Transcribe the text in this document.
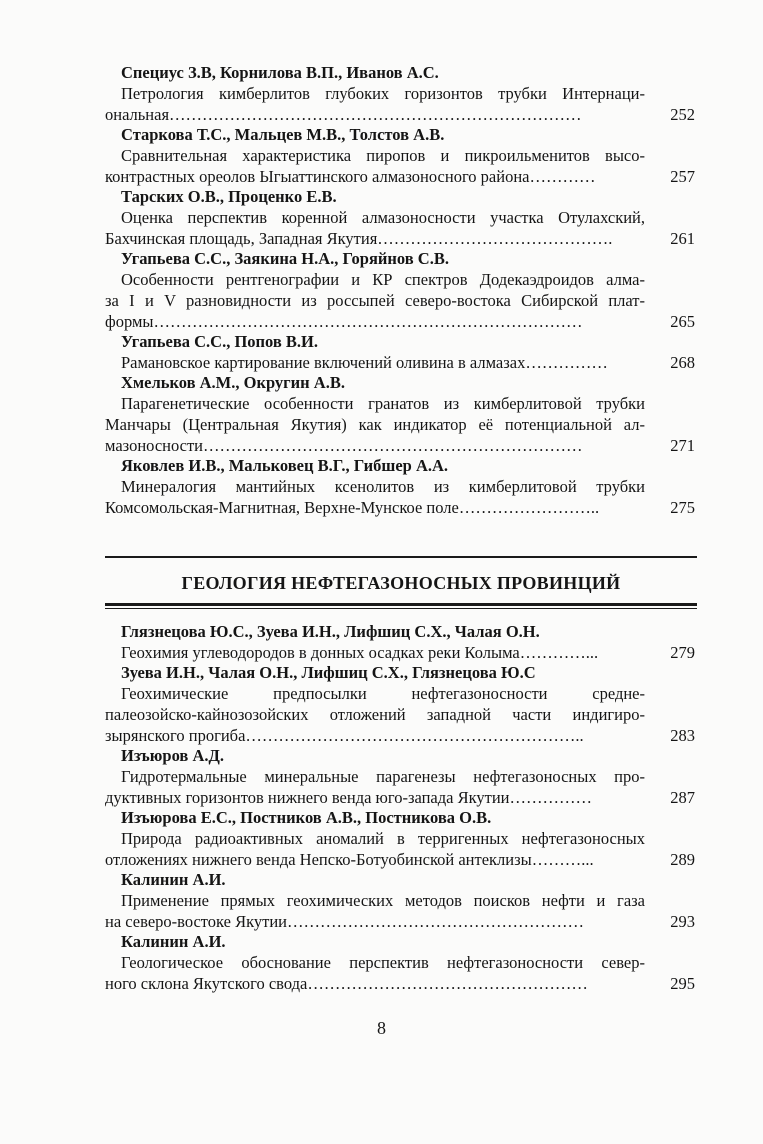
Специус З.В, Корнилова В.П., Иванов А.С.
Петрология кимберлитов глубоких горизонтов трубки Интернаци-
ональная…………………………………………………………………	252
Старкова Т.С., Мальцев М.В., Толстов А.В.
Сравнительная характеристика пиропов и пикроильменитов высо-
контрастных ореолов Ыгыаттинского алмазоносного района…………	257
Тарских О.В., Проценко Е.В.
Оценка перспектив коренной алмазоносности участка Отулахский,
Бахчинская площадь, Западная Якутия…………………………………….	261
Угапьева С.С., Заякина Н.А., Горяйнов С.В.
Особенности рентгенографии и КР спектров Додекаэдроидов алма-
за I и V разновидности из россыпей северо-востока Сибирской плат-
формы……………………………………………………………………	265
Угапьева С.С., Попов В.И.
Рамановское картирование включений оливина в алмазах……………	268
Хмельков А.М., Округин А.В.
Парагенетические особенности гранатов из кимберлитовой трубки
Манчары (Центральная Якутия) как индикатор её потенциальной ал-
мазоносности……………………………………………………………	271
Яковлев И.В., Мальковец В.Г., Гибшер А.А.
Минералогия мантийных ксенолитов из кимберлитовой трубки
Комсомольская-Магнитная, Верхне-Мунское поле……………………..	275
ГЕОЛОГИЯ НЕФТЕГАЗОНОСНЫХ ПРОВИНЦИЙ
Глязнецова Ю.С., Зуева И.Н., Лифшиц С.Х., Чалая О.Н.
Геохимия углеводородов в донных осадках реки Колыма…………...	279
Зуева И.Н., Чалая О.Н., Лифшиц С.Х., Глязнецова Ю.С
Геохимические предпосылки нефтегазоносности средне-
палеозойско-кайнозозойских отложений западной части индигиро-
зырянского прогиба……………………………………………………..	283
Изъюров А.Д.
Гидротермальные минеральные парагенезы нефтегазоносных про-
дуктивных горизонтов нижнего венда юго-запада Якутии……………	287
Изъюрова Е.С., Постников А.В., Постникова О.В.
Природа радиоактивных аномалий в терригенных нефтегазоносных
отложениях нижнего венда Непско-Ботуобинской антеклизы………...	289
Калинин А.И.
Применение прямых геохимических методов поисков нефти и газа
на северо-востоке Якутии………………………………………………	293
Калинин А.И.
Геологическое обоснование перспектив нефтегазоносности север-
ного склона Якутского свода……………………………………………	295
8
